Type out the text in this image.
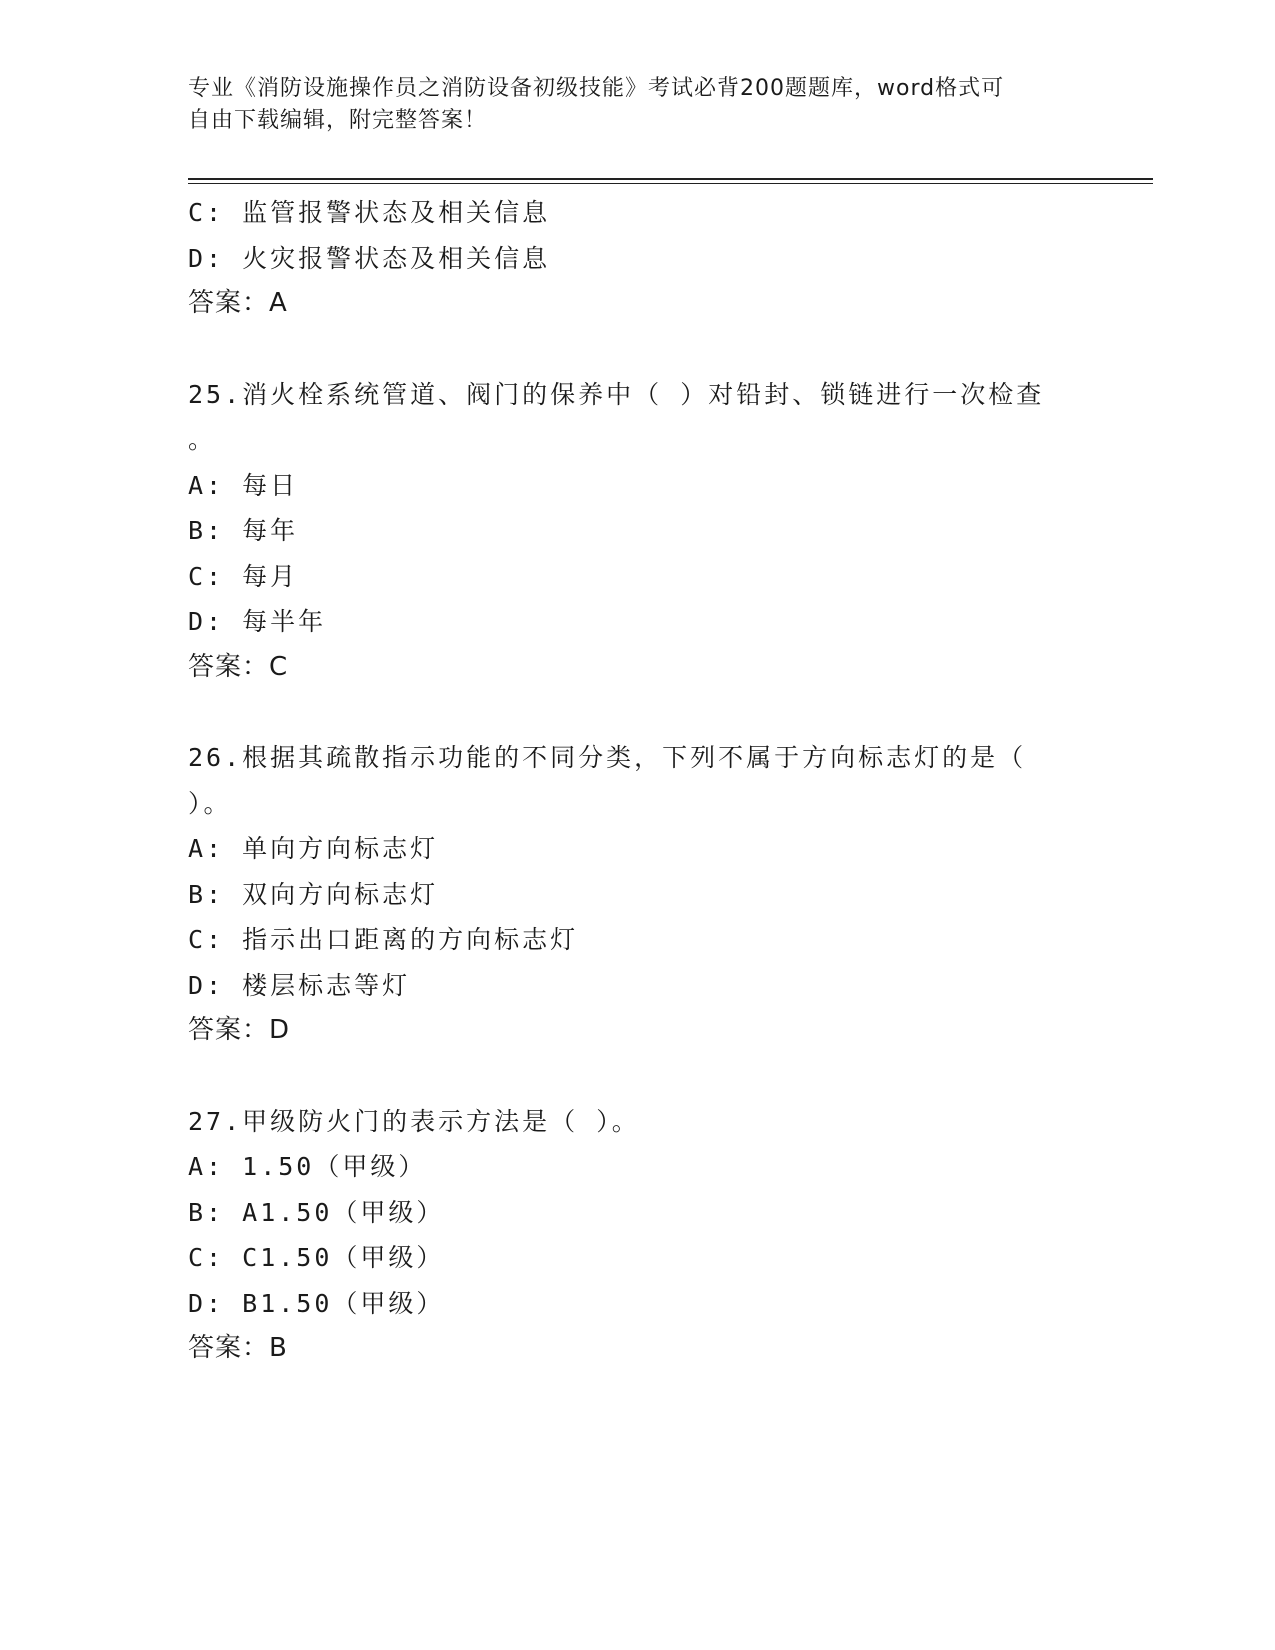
专业《消防设施操作员之消防设备初级技能》考试必背200题题库，word格式可
自由下载编辑，附完整答案！
C: 监管报警状态及相关信息
D: 火灾报警状态及相关信息
答案：A
25.消火栓系统管道、阀门的保养中（ ）对铅封、锁链进行一次检查
。
A: 每日
B: 每年
C: 每月
D: 每半年
答案：C
26.根据其疏散指示功能的不同分类，下列不属于方向标志灯的是（
）。
A: 单向方向标志灯
B: 双向方向标志灯
C: 指示出口距离的方向标志灯
D: 楼层标志等灯
答案：D
27.甲级防火门的表示方法是（ ）。
A: 1.50（甲级）
B: A1.50（甲级）
C: C1.50（甲级）
D: B1.50（甲级）
答案：B
